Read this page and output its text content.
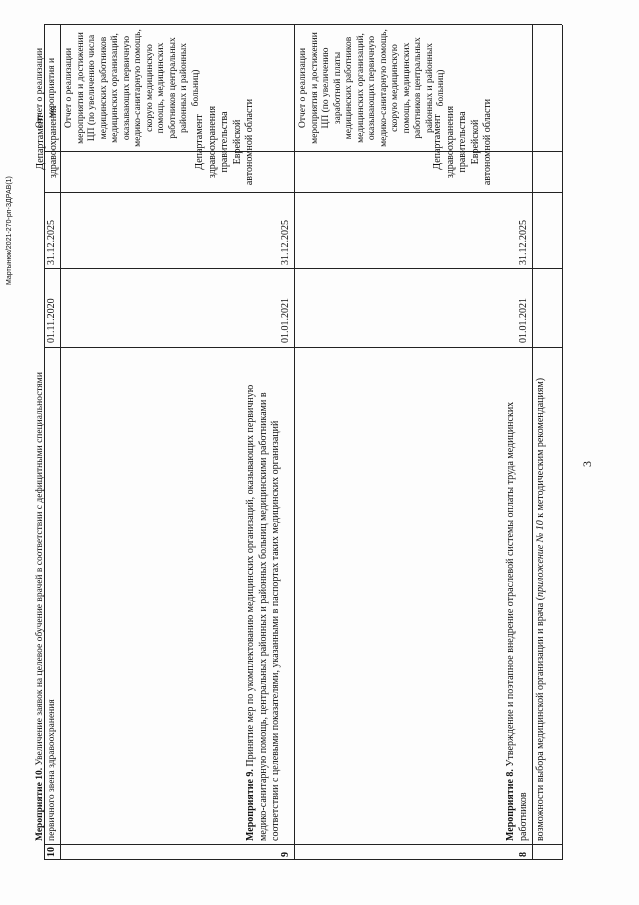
3
Мартынюк/2021-270-рп-ЗДРАВ(1)
возможности выбора медицинской организации и врача (приложение № 10 к методическим рекомендациям)
8
Мероприятие 8. Утверждение и поэтапное внедрение отраслевой системы оплаты труда медицинских работников
01.01.2021
31.12.2025
Департамент здравоохранения правительства Еврейской автономной области
Отчет о реализации мероприятия и достижении ЦП (по увеличению заработной платы медицинских работников медицинских организаций, оказывающих первичную медико-санитарную помощь, скорую медицинскую помощь, медицинских работников центральных районных и районных больниц)
9
Мероприятие 9. Принятие мер по укомплектованию медицинских организаций, оказывающих первичную медико-санитарную помощь, центральных районных и районных больниц медицинскими работниками в соответствии с целевыми показателями, указанными в паспортах таких медицинских организаций
01.01.2021
31.12.2025
Департамент здравоохранения правительства Еврейской автономной области
Отчет о реализации мероприятия и достижении ЦП (по увеличению числа медицинских работников медицинских организаций, оказывающих первичную медико-санитарную помощь, скорую медицинскую помощь, медицинских работников центральных районных и районных больниц)
10
Мероприятие 10. Увеличение заявок на целевое обучение врачей в соответствии с дефицитными специальностями первичного звена здравоохранения
01.11.2020
31.12.2025
Департамент здравоохранения
Отчет о реализации мероприятия и
